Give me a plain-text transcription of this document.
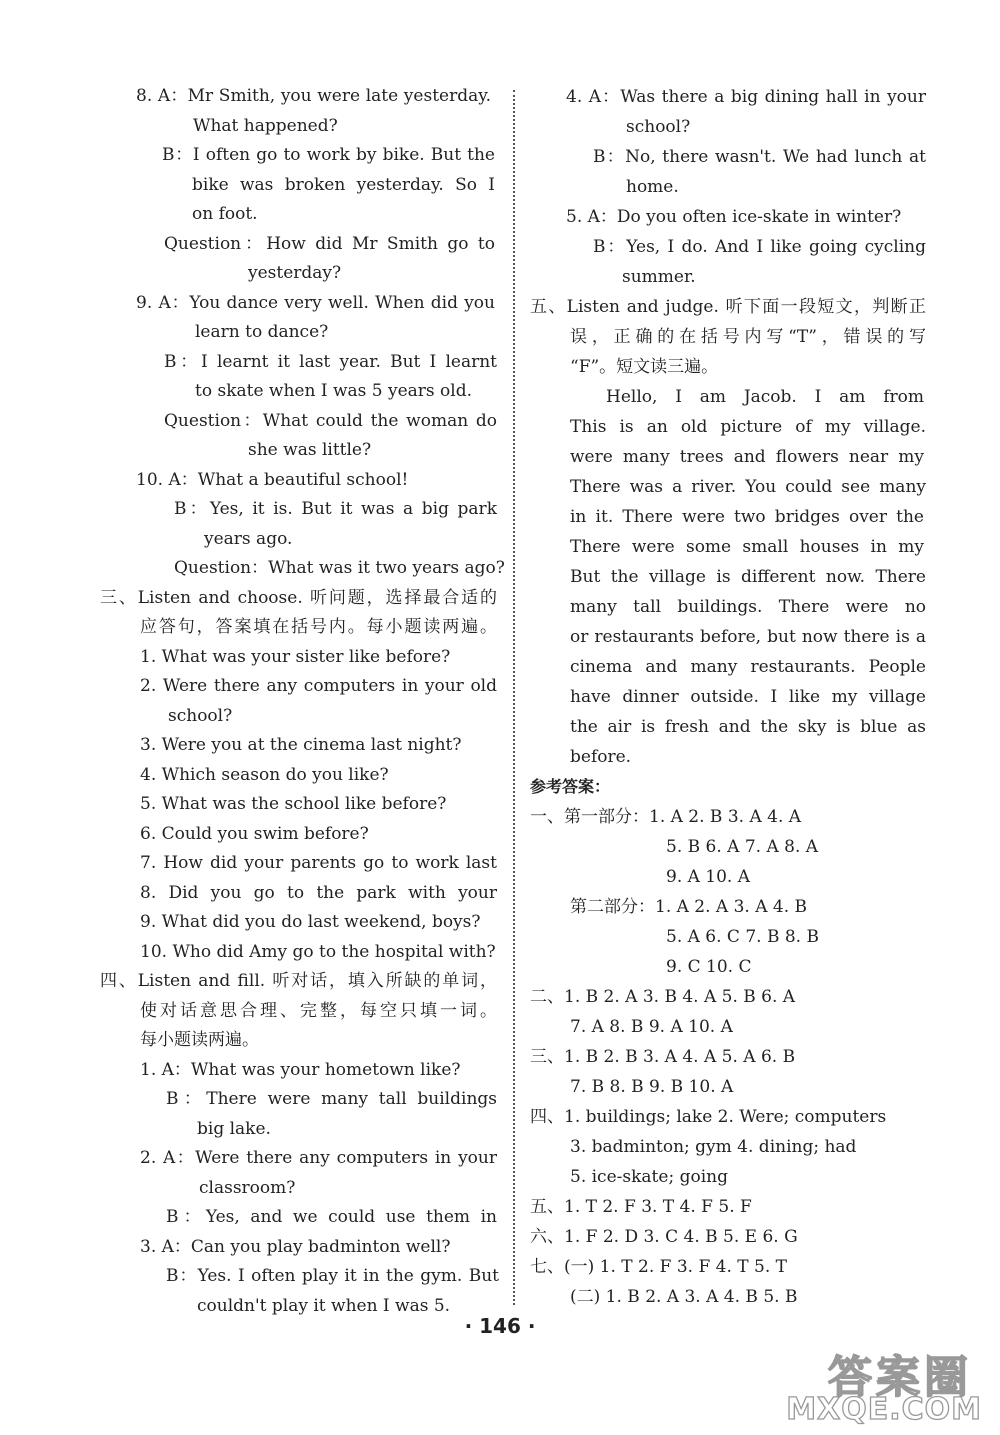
8. A：Mr Smith, you were late yesterday.
What happened?
B：I often go to work by bike. But the
bike was broken yesterday. So I
on foot.
Question：How did Mr Smith go to
yesterday?
9. A：You dance very well. When did you
learn to dance?
B：I learnt it last year. But I learnt
to skate when I was 5 years old.
Question：What could the woman do
she was little?
10. A：What a beautiful school!
B：Yes, it is. But it was a big park
years ago.
Question：What was it two years ago?
三、Listen and choose. 听问题，选择最合适的
应答句，答案填在括号内。每小题读两遍。
1. What was your sister like before?
2. Were there any computers in your old
school?
3. Were you at the cinema last night?
4. Which season do you like?
5. What was the school like before?
6. Could you swim before?
7. How did your parents go to work last
8. Did you go to the park with your
9. What did you do last weekend, boys?
10. Who did Amy go to the hospital with?
四、Listen and fill. 听对话，填入所缺的单词，
使对话意思合理、完整，每空只填一词。
每小题读两遍。
1. A：What was your hometown like?
B：There were many tall buildings
big lake.
2. A：Were there any computers in your
classroom?
B：Yes, and we could use them in
3. A：Can you play badminton well?
B：Yes. I often play it in the gym. But
couldn't play it when I was 5.
4. A：Was there a big dining hall in your
school?
B：No, there wasn't. We had lunch at
home.
5. A：Do you often ice-skate in winter?
B：Yes, I do. And I like going cycling
summer.
五、Listen and judge. 听下面一段短文，判断正
误，正确的在括号内写“T”，错误的写
“F”。短文读三遍。
Hello, I am Jacob. I am from
This is an old picture of my village.
were many trees and flowers near my
There was a river. You could see many
in it. There were two bridges over the
There were some small houses in my
But the village is different now. There
many tall buildings. There were no
or restaurants before, but now there is a
cinema and many restaurants. People
have dinner outside. I like my village
the air is fresh and the sky is blue as
before.
参考答案：
一、第一部分：1. A 2. B 3. A 4. A
5. B 6. A 7. A 8. A
9. A 10. A
第二部分：1. A 2. A 3. A 4. B
5. A 6. C 7. B 8. B
9. C 10. C
二、1. B 2. A 3. B 4. A 5. B 6. A
7. A 8. B 9. A 10. A
三、1. B 2. B 3. A 4. A 5. A 6. B
7. B 8. B 9. B 10. A
四、1. buildings; lake 2. Were; computers
3. badminton; gym 4. dining; had
5. ice-skate; going
五、1. T 2. F 3. T 4. F 5. F
六、1. F 2. D 3. C 4. B 5. E 6. G
七、(一) 1. T 2. F 3. F 4. T 5. T
(二) 1. B 2. A 3. A 4. B 5. B
· 146 ·
答案圈
MXQE.COM
